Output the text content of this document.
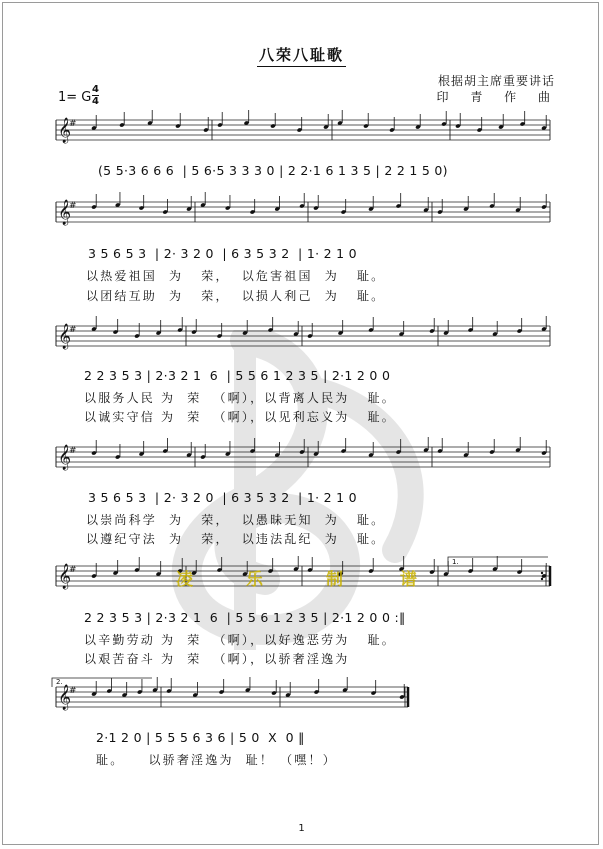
八荣八耻歌
根据胡主席重要讲话
印 青 作 曲
1= G
4
4
𝄞
#
𝄞
#
𝄞
#
𝄞
#
𝄞
#
𝄞
#
(5 5·3 6 6 6  | 5 6·5 3 3 3 0 | 2 2·1 6 1 3 5 | 2 2 1 5 0)
3 5 6 5 3  | 2· 3 2 0  | 6 3 5 3 2  | 1· 2 1 0
以热爱祖国  为   荣，  以危害祖国  为   耻。
以团结互助  为   荣，  以损人利己  为   耻。
2 2 3 5 3 | 2·3 2 1  6  | 5 5 6 1 2 3 5 | 2·1 2 0 0
以服务人民 为  荣  （啊），以背离人民为   耻。
以诚实守信 为  荣  （啊），以见利忘义为   耻。
3 5 6 5 3  | 2· 3 2 0  | 6 3 5 3 2  | 1· 2 1 0
以崇尚科学  为   荣，  以愚昧无知  为   耻。
以遵纪守法  为   荣，  以违法乱纪  为   耻。
凌	乐	制	谱
2 2 3 5 3 | 2·3 2 1  6  | 5 5 6 1 2 3 5 | 2·1 2 0 0 :‖
以辛勤劳动 为  荣  （啊），以好逸恶劳为   耻。
以艰苦奋斗 为  荣  （啊），以骄奢淫逸为
2·1 2 0 | 5 5 5 6 3 6 | 5 0  X  0 ‖
耻。    以骄奢淫逸为  耻！ （嘿！）
1.
2.
1
